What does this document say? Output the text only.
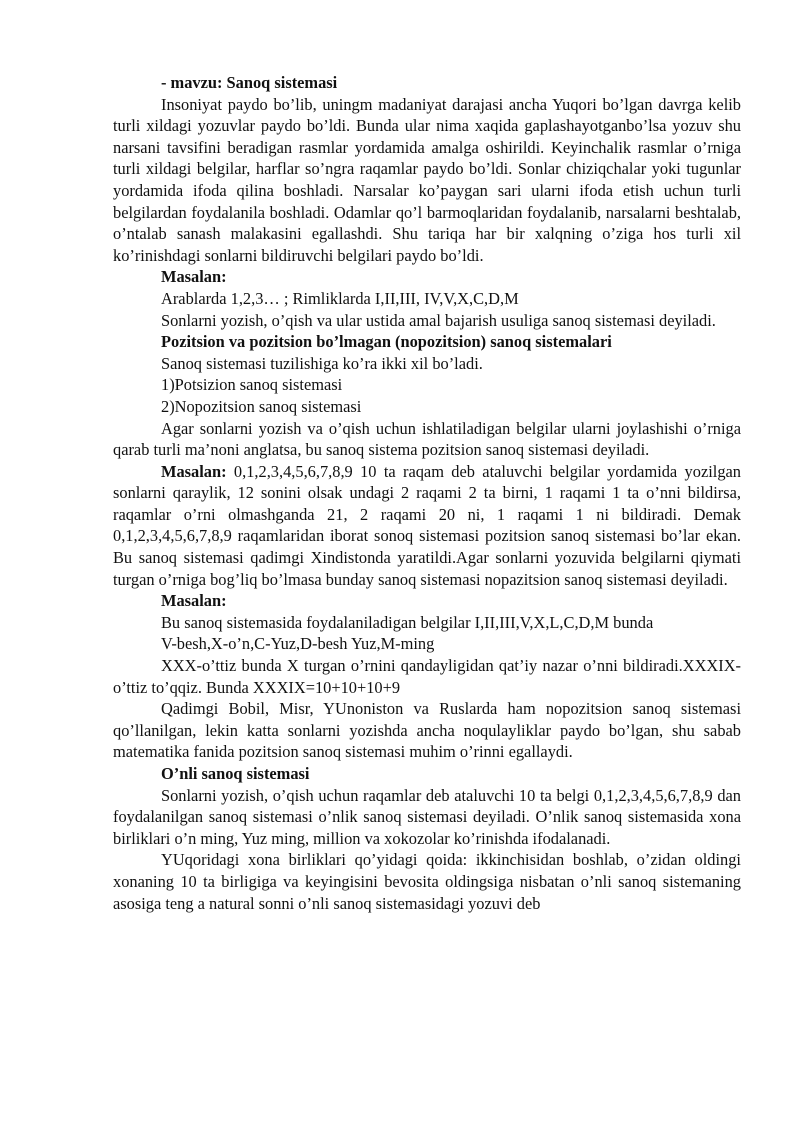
- mavzu: Sanoq sistemasi

Insoniyat paydo bo’lib, uningm madaniyat darajasi ancha Yuqori bo’lgan davrga kelib turli xildagi yozuvlar paydo bo’ldi. Bunda ular nima xaqida gaplashayotganbo’lsa yozuv shu narsani tavsifini beradigan rasmlar yordamida amalga oshirildi. Keyinchalik rasmlar o’rniga turli xildagi belgilar, harflar so’ngra raqamlar paydo bo’ldi. Sonlar chiziqchalar yoki tugunlar yordamida ifoda qilina boshladi. Narsalar ko’paygan sari ularni ifoda etish uchun turli belgilardan foydalanila boshladi. Odamlar qo’l barmoqlaridan foydalanib, narsalarni beshtalab, o’ntalab sanash malakasini egallashdi. Shu tariqa har bir xalqning o’ziga hos turli xil ko’rinishdagi sonlarni bildiruvchi belgilari paydo bo’ldi.

Masalan:

Arablarda 1,2,3… ; Rimliklarda I,II,III, IV,V,X,C,D,M

Sonlarni yozish, o’qish va ular ustida amal bajarish usuliga sanoq sistemasi deyiladi.

Pozitsion va pozitsion bo’lmagan (nopozitsion) sanoq sistemalari

Sanoq sistemasi tuzilishiga ko’ra ikki xil bo’ladi.

1)Potsizion sanoq sistemasi

2)Nopozitsion sanoq sistemasi

Agar sonlarni yozish va o’qish uchun ishlatiladigan belgilar ularni joylashishi o’rniga qarab turli ma’noni anglatsa, bu sanoq sistema pozitsion sanoq sistemasi deyiladi.

Masalan: 0,1,2,3,4,5,6,7,8,9 10 ta raqam deb ataluvchi belgilar yordamida yozilgan sonlarni qaraylik, 12 sonini olsak undagi 2 raqami 2 ta birni, 1 raqami 1 ta o’nni bildirsa, raqamlar o’rni olmashganda 21, 2 raqami 20 ni, 1 raqami 1 ni bildiradi. Demak 0,1,2,3,4,5,6,7,8,9 raqamlaridan iborat sonoq sistemasi pozitsion sanoq sistemasi bo’lar ekan. Bu sanoq sistemasi qadimgi Xindistonda yaratildi.Agar sonlarni yozuvida belgilarni qiymati turgan o’rniga bog’liq bo’lmasa bunday sanoq sistemasi nopazitsion sanoq sistemasi deyiladi.

Masalan:

Bu sanoq sistemasida foydalaniladigan belgilar I,II,III,V,X,L,C,D,M bunda

V-besh,X-o’n,C-Yuz,D-besh Yuz,M-ming

XXX-o’ttiz bunda X turgan o’rnini qandayligidan qat’iy nazar o’nni bildiradi.XXXIX-o’ttiz to’qqiz. Bunda XXXIX=10+10+10+9

Qadimgi Bobil, Misr, YUnoniston va Ruslarda ham nopozitsion sanoq sistemasi qo’llanilgan, lekin katta sonlarni yozishda ancha noqulayliklar paydo bo’lgan, shu sabab matematika fanida pozitsion sanoq sistemasi muhim o’rinni egallaydi.

O’nli sanoq sistemasi

Sonlarni yozish, o’qish uchun raqamlar deb ataluvchi 10 ta belgi 0,1,2,3,4,5,6,7,8,9 dan foydalanilgan sanoq sistemasi o’nlik sanoq sistemasi deyiladi. O’nlik sanoq sistemasida xona birliklari o’n ming, Yuz ming, million va xokozolar ko’rinishda ifodalanadi.

YUqoridagi xona birliklari qo’yidagi qoida: ikkinchisidan boshlab, o’zidan oldingi xonaning 10 ta birligiga va keyingisini bevosita oldingsiga nisbatan o’nli sanoq sistemaning asosiga teng a natural sonni o’nli sanoq sistemasidagi yozuvi deb
